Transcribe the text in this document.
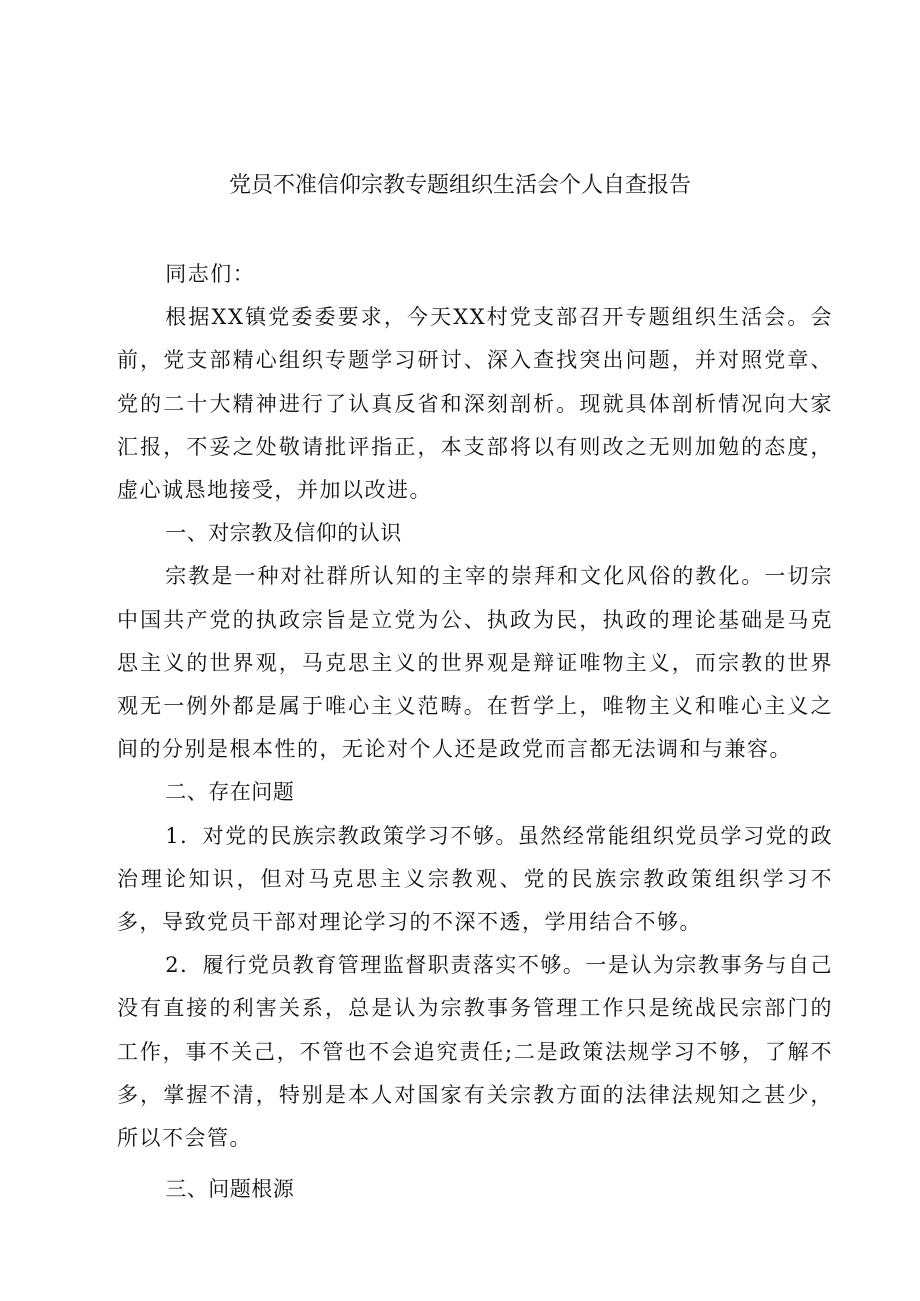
党员不准信仰宗教专题组织生活会个人自查报告

同志们：

根据XX镇党委委要求，今天XX村党支部召开专题组织生活会。会前，党支部精心组织专题学习研讨、深入查找突出问题，并对照党章、党的二十大精神进行了认真反省和深刻剖析。现就具体剖析情况向大家汇报，不妥之处敬请批评指正，本支部将以有则改之无则加勉的态度，虚心诚恳地接受，并加以改进。

一、对宗教及信仰的认识

宗教是一种对社群所认知的主宰的崇拜和文化风俗的教化。一切宗中国共产党的执政宗旨是立党为公、执政为民，执政的理论基础是马克思主义的世界观，马克思主义的世界观是辩证唯物主义，而宗教的世界观无一例外都是属于唯心主义范畴。在哲学上，唯物主义和唯心主义之间的分别是根本性的，无论对个人还是政党而言都无法调和与兼容。

二、存在问题

1．对党的民族宗教政策学习不够。虽然经常能组织党员学习党的政治理论知识，但对马克思主义宗教观、党的民族宗教政策组织学习不多，导致党员干部对理论学习的不深不透，学用结合不够。

2．履行党员教育管理监督职责落实不够。一是认为宗教事务与自己没有直接的利害关系，总是认为宗教事务管理工作只是统战民宗部门的工作，事不关己，不管也不会追究责任;二是政策法规学习不够，了解不多，掌握不清，特别是本人对国家有关宗教方面的法律法规知之甚少，所以不会管。

三、问题根源
